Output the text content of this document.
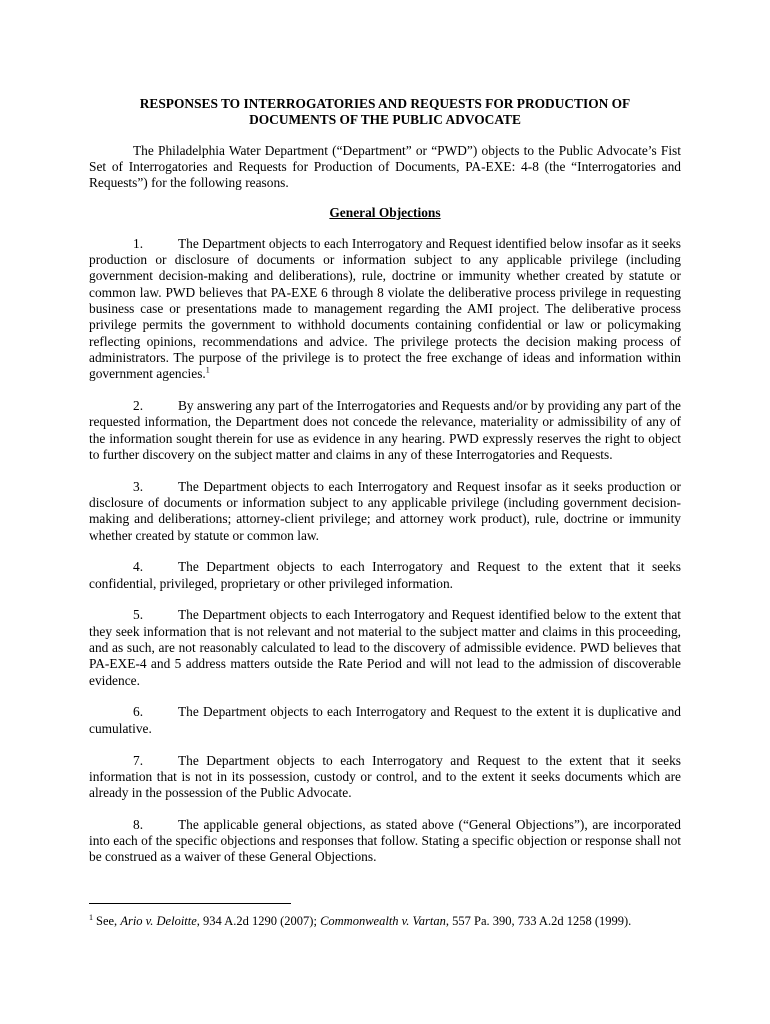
RESPONSES TO INTERROGATORIES AND REQUESTS FOR PRODUCTION OF
DOCUMENTS OF THE PUBLIC ADVOCATE

The Philadelphia Water Department (“Department” or “PWD”) objects to the Public Advocate’s Fist Set of Interrogatories and Requests for Production of Documents, PA-EXE: 4-8 (the “Interrogatories and Requests”) for the following reasons.

General Objections

1.	The Department objects to each Interrogatory and Request identified below insofar as it seeks production or disclosure of documents or information subject to any applicable privilege (including government decision-making and deliberations), rule, doctrine or immunity whether created by statute or common law. PWD believes that PA-EXE 6 through 8 violate the deliberative process privilege in requesting business case or presentations made to management regarding the AMI project. The deliberative process privilege permits the government to withhold documents containing confidential or law or policymaking reflecting opinions, recommendations and advice. The privilege protects the decision making process of administrators. The purpose of the privilege is to protect the free exchange of ideas and information within government agencies.$^1$

2.	By answering any part of the Interrogatories and Requests and/or by providing any part of the requested information, the Department does not concede the relevance, materiality or admissibility of any of the information sought therein for use as evidence in any hearing. PWD expressly reserves the right to object to further discovery on the subject matter and claims in any of these Interrogatories and Requests.

3.	The Department objects to each Interrogatory and Request insofar as it seeks production or disclosure of documents or information subject to any applicable privilege (including government decision-making and deliberations; attorney-client privilege; and attorney work product), rule, doctrine or immunity whether created by statute or common law.

4.	The Department objects to each Interrogatory and Request to the extent that it seeks confidential, privileged, proprietary or other privileged information.

5.	The Department objects to each Interrogatory and Request identified below to the extent that they seek information that is not relevant and not material to the subject matter and claims in this proceeding, and as such, are not reasonably calculated to lead to the discovery of admissible evidence. PWD believes that PA-EXE-4 and 5 address matters outside the Rate Period and will not lead to the admission of discoverable evidence.

6.	The Department objects to each Interrogatory and Request to the extent it is duplicative and cumulative.

7.	The Department objects to each Interrogatory and Request to the extent that it seeks information that is not in its possession, custody or control, and to the extent it seeks documents which are already in the possession of the Public Advocate.

8.	The applicable general objections, as stated above (“General Objections”), are incorporated into each of the specific objections and responses that follow. Stating a specific objection or response shall not be construed as a waiver of these General Objections.

$^1$ See, Ario v. Deloitte, 934 A.2d 1290 (2007); Commonwealth v. Vartan, 557 Pa. 390, 733 A.2d 1258 (1999).
